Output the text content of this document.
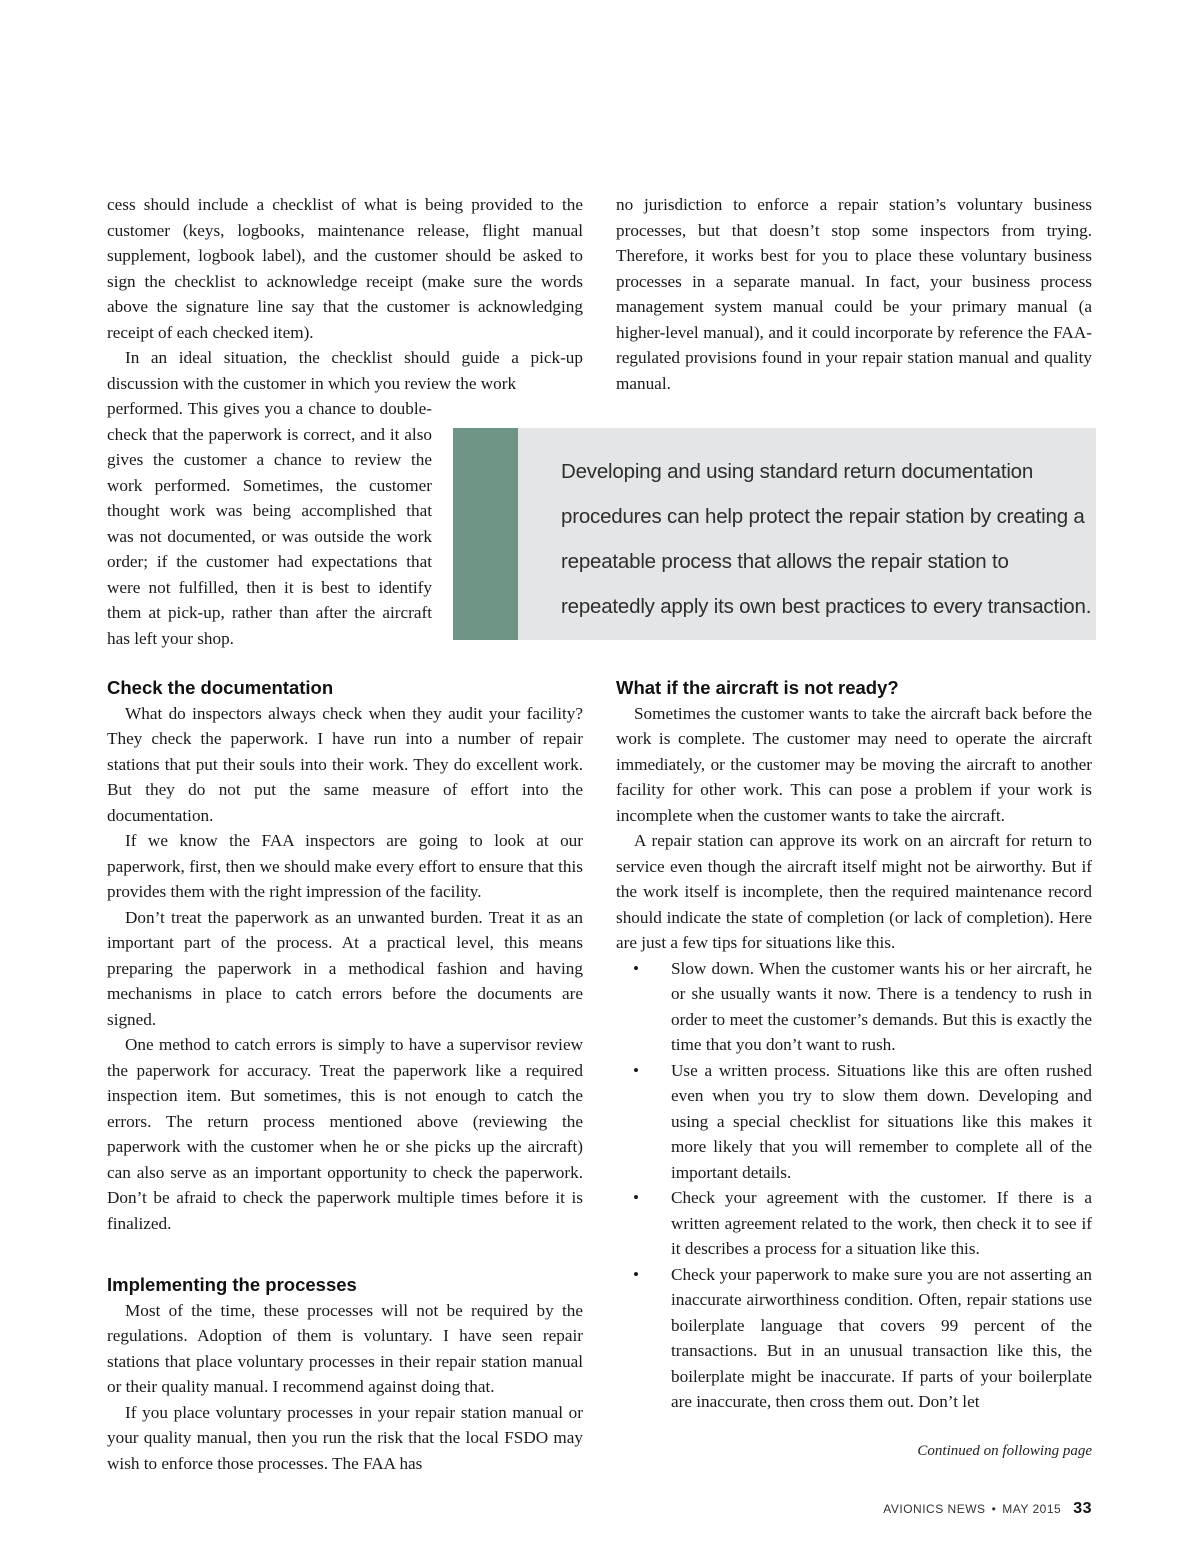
cess should include a checklist of what is being provided to the customer (keys, logbooks, maintenance release, flight manual supplement, logbook label), and the customer should be asked to sign the checklist to acknowledge receipt (make sure the words above the signature line say that the customer is acknowledging receipt of each checked item).

In an ideal situation, the checklist should guide a pick-up discussion with the customer in which you review the work

performed. This gives you a chance to double-check that the paperwork is correct, and it also gives the customer a chance to review the work performed. Sometimes, the customer thought work was being accomplished that was not documented, or was outside the work order; if the customer had expectations that were not fulfilled, then it is best to identify them at pick-up, rather than after the aircraft has left your shop.

no jurisdiction to enforce a repair station’s voluntary business processes, but that doesn’t stop some inspectors from trying. Therefore, it works best for you to place these voluntary business processes in a separate manual. In fact, your business process management system manual could be your primary manual (a higher-level manual), and it could incorporate by reference the FAA-regulated provisions found in your repair station manual and quality manual.

Developing and using standard return documentation procedures can help protect the repair station by creating a repeatable process that allows the repair station to repeatedly apply its own best practices to every transaction.
Check the documentation

What do inspectors always check when they audit your facility? They check the paperwork. I have run into a number of repair stations that put their souls into their work. They do excellent work. But they do not put the same measure of effort into the documentation.

If we know the FAA inspectors are going to look at our paperwork, first, then we should make every effort to ensure that this provides them with the right impression of the facility.

Don’t treat the paperwork as an unwanted burden. Treat it as an important part of the process. At a practical level, this means preparing the paperwork in a methodical fashion and having mechanisms in place to catch errors before the documents are signed.

One method to catch errors is simply to have a supervisor review the paperwork for accuracy. Treat the paperwork like a required inspection item. But sometimes, this is not enough to catch the errors. The return process mentioned above (reviewing the paperwork with the customer when he or she picks up the aircraft) can also serve as an important opportunity to check the paperwork. Don’t be afraid to check the paperwork multiple times before it is finalized.

Implementing the processes

Most of the time, these processes will not be required by the regulations. Adoption of them is voluntary. I have seen repair stations that place voluntary processes in their repair station manual or their quality manual. I recommend against doing that.

If you place voluntary processes in your repair station manual or your quality manual, then you run the risk that the local FSDO may wish to enforce those processes. The FAA has

What if the aircraft is not ready?

Sometimes the customer wants to take the aircraft back before the work is complete. The customer may need to operate the aircraft immediately, or the customer may be moving the aircraft to another facility for other work. This can pose a problem if your work is incomplete when the customer wants to take the aircraft.

A repair station can approve its work on an aircraft for return to service even though the aircraft itself might not be airworthy. But if the work itself is incomplete, then the required maintenance record should indicate the state of completion (or lack of completion). Here are just a few tips for situations like this.

• Slow down. When the customer wants his or her aircraft, he or she usually wants it now. There is a tendency to rush in order to meet the customer’s demands. But this is exactly the time that you don’t want to rush.
• Use a written process. Situations like this are often rushed even when you try to slow them down. Developing and using a special checklist for situations like this makes it more likely that you will remember to complete all of the important details.
• Check your agreement with the customer. If there is a written agreement related to the work, then check it to see if it describes a process for a situation like this.
• Check your paperwork to make sure you are not asserting an inaccurate airworthiness condition. Often, repair stations use boilerplate language that covers 99 percent of the transactions. But in an unusual transaction like this, the boilerplate might be inaccurate. If parts of your boilerplate are inaccurate, then cross them out. Don’t let
Continued on following page
AVIONICS NEWS • MAY 2015 33
